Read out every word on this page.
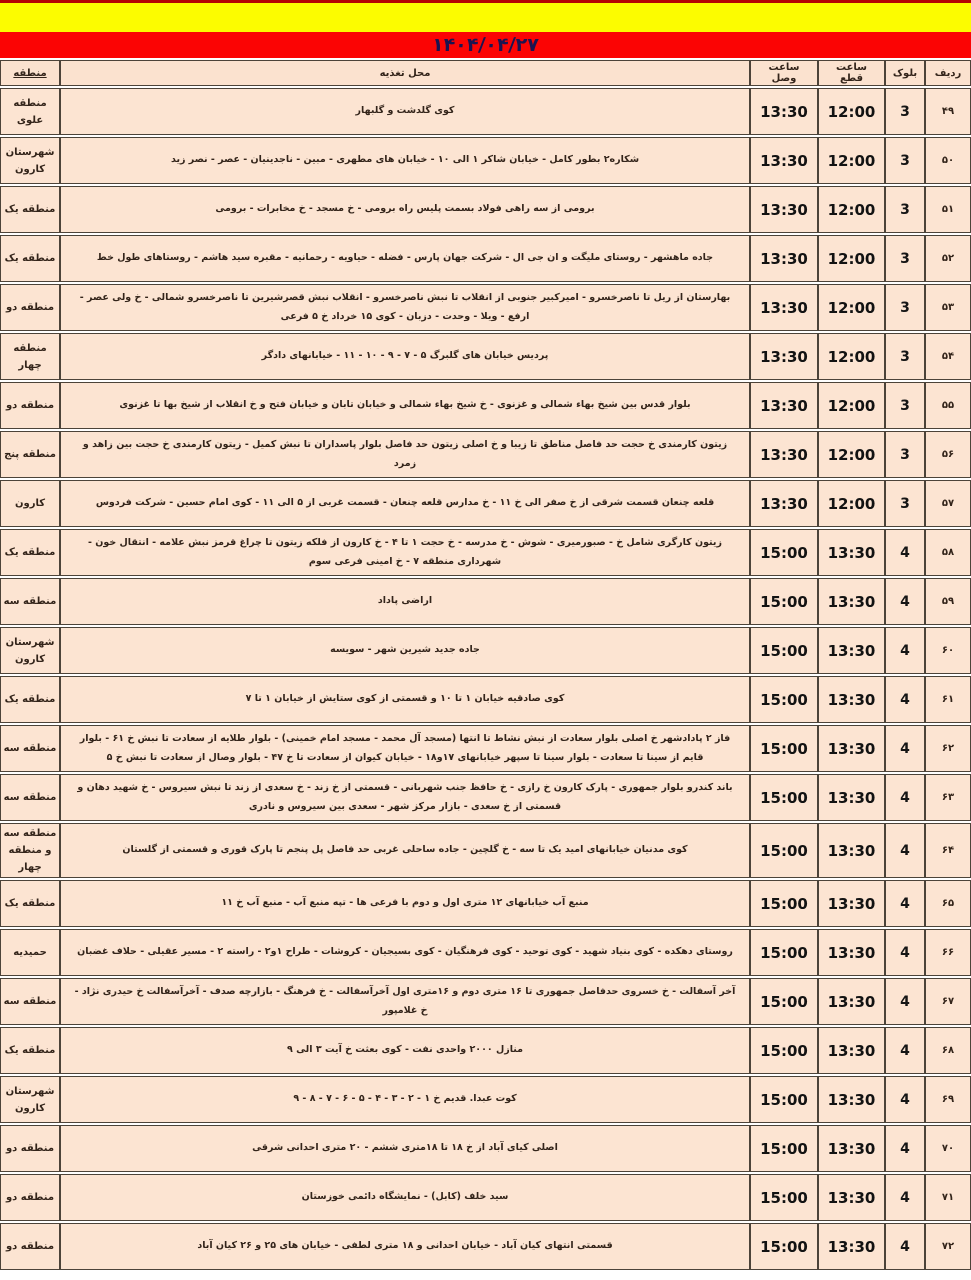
۱۴۰۴/۰۴/۲۷
ردیف	بلوک	ساعت قطع	ساعت وصل	محل تغذیه	منطقه
۴۹	3	12:00	13:30	کوی گلدشت و گلبهار	منطقه علوی
۵۰	3	12:00	13:30	شکاره۲ بطور کامل - خیابان شاکر ۱ الی ۱۰ - خیابان های مطهری - مبین - ناجدینیان - عصر - نصر زید	شهرستان کارون
۵۱	3	12:00	13:30	برومی از سه راهی فولاد بسمت پلیس راه برومی - خ مسجد - خ مخابرات - برومی	منطقه یک
۵۲	3	12:00	13:30	جاده ماهشهر - روستای ملیگت و ان جی ال - شرکت جهان پارس - فضله - حیاویه - رحمانیه - مقبره سید هاشم - روستاهای طول خط	منطقه یک
۵۳	3	12:00	13:30	بهارستان از ریل تا ناصرخسرو - امیرکبیر جنوبی از انقلاب تا نبش ناصرخسرو - انقلاب نبش قصرشیرین تا ناصرخسرو شمالی - خ ولی عصر - ارفع - ویلا - وحدت - دزبان - کوی ۱۵ خرداد خ ۵ فرعی	منطقه دو
۵۴	3	12:00	13:30	پردیس خیابان های گلبرگ ۵ - ۷ - ۹ - ۱۰ - ۱۱ - خیابانهای دادگر	منطقه چهار
۵۵	3	12:00	13:30	بلوار قدس بین شیخ بهاء شمالی و غزنوی - خ شیخ بهاء شمالی و خیابان تابان و خیابان فتح و خ انقلاب از شیخ بها تا غزنوی	منطقه دو
۵۶	3	12:00	13:30	زیتون کارمندی خ حجت حد فاصل مناطق تا زیبا و خ اصلی زیتون حد فاصل بلوار پاسداران تا نبش کمیل - زیتون کارمندی خ حجت بین زاهد و زمرد	منطقه پنج
۵۷	3	12:00	13:30	قلعه چنعان قسمت شرقی از خ صفر الی خ ۱۱ - خ مدارس قلعه چنعان - قسمت غربی از ۵ الی ۱۱ - کوی امام حسین - شرکت فردوس	کارون
۵۸	4	13:30	15:00	زیتون کارگری شامل خ - صبورمیری - شوش - خ مدرسه - خ حجت ۱ تا ۴ - خ کارون از فلکه زیتون تا چراغ قرمز نبش علامه - انتقال خون - شهرداری منطقه ۷ - خ امینی فرعی سوم	منطقه یک
۵۹	4	13:30	15:00	اراضی پاداد	منطقه سه
۶۰	4	13:30	15:00	جاده جدید شیرین شهر - سویسه	شهرستان کارون
۶۱	4	13:30	15:00	کوی صادقیه خیابان ۱ تا ۱۰ و قسمتی از کوی ستایش از خیابان ۱ تا ۷	منطقه یک
۶۲	4	13:30	15:00	فاز ۲ پادادشهر خ اصلی بلوار سعادت از نبش نشاط تا انتها (مسجد آل محمد - مسجد امام خمینی) - بلوار طلایه از سعادت تا نبش خ ۶۱ - بلوار قایم از سینا تا سعادت - بلوار سینا تا سپهر خیابانهای ۱۷و۱۸ - خیابان کیوان از سعادت تا خ ۴۷ - بلوار وصال از سعادت تا نبش خ ۵	منطقه سه
۶۳	4	13:30	15:00	باند کندرو بلوار جمهوری - پارک کارون خ رازی - خ حافظ جنب شهربانی - قسمتی از خ زند - خ سعدی از زند تا نبش سیروس - خ شهید دهان و قسمتی از خ سعدی - بازار مرکز شهر - سعدی بین سیروس و نادری	منطقه سه
۶۴	4	13:30	15:00	کوی مدنیان خیابانهای امید یک تا سه - خ گلچین - جاده ساحلی غربی حد فاصل پل پنجم تا پارک قوری و قسمتی از گلستان	منطقه سه و منطقه چهار
۶۵	4	13:30	15:00	منبع آب خیابانهای ۱۲ متری اول و دوم با فرعی ها - تپه منبع آب - منبع آب خ ۱۱	منطقه یک
۶۶	4	13:30	15:00	روستای دهکده - کوی بنیاد شهید - کوی توحید - کوی فرهنگیان - کوی بسیجیان - کروشات - طراح ۱و۲ - راسته ۲ - مسیر عقیلی - حلاف غضبان	حمیدیه
۶۷	4	13:30	15:00	آخر آسفالت - خ خسروی حدفاصل جمهوری تا ۱۶ متری دوم و ۱۶متری اول آخرآسفالت - خ فرهنگ - بازارچه صدف - آخرآسفالت خ حیدری نژاد - خ غلامپور	منطقه سه
۶۸	4	13:30	15:00	منازل ۲۰۰۰ واحدی نفت - کوی بعثت خ آیت ۳ الی ۹	منطقه یک
۶۹	4	13:30	15:00	کوت عبدا. قدیم خ ۱ - ۲ - ۳ - ۴ - ۵ - ۶ - ۷ - ۸ - ۹	شهرستان کارون
۷۰	4	13:30	15:00	اصلی کیای آباد از خ ۱۸ تا ۱۸متری ششم - ۲۰ متری احدانی شرقی	منطقه دو
۷۱	4	13:30	15:00	سید خلف (کابل) - نمایشگاه دائمی خوزستان	منطقه دو
۷۲	4	13:30	15:00	قسمتی انتهای کیان آباد - خیابان احدانی و ۱۸ متری لطفی - خیابان های ۲۵ و ۲۶ کیان آباد	منطقه دو
